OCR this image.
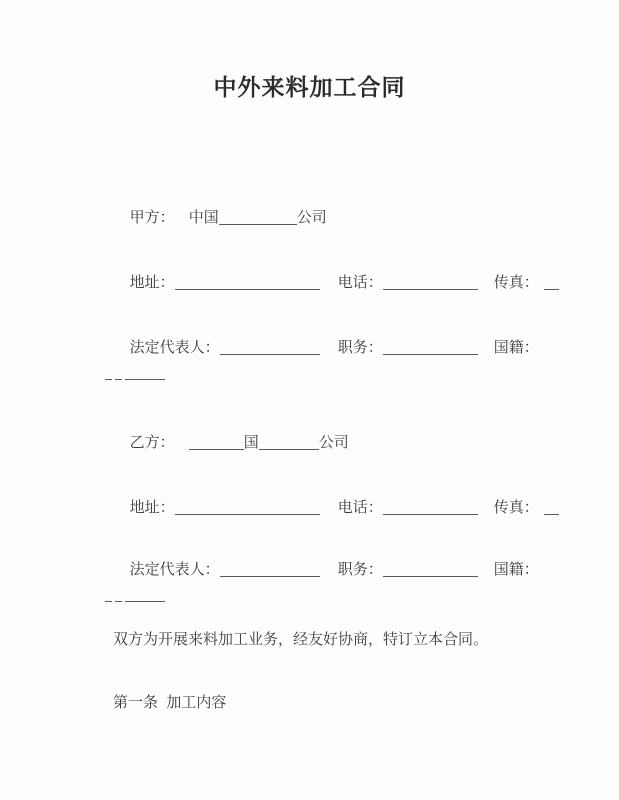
中外来料加工合同

甲方： 中国	公司

地址：	电话：	传真：

法定代表人：	职务：	国籍：

乙方：	国	公司

地址：	电话：	传真：

法定代表人：	职务：	国籍：

双方为开展来料加工业务，经友好协商，特订立本合同。
第一条  加工内容
